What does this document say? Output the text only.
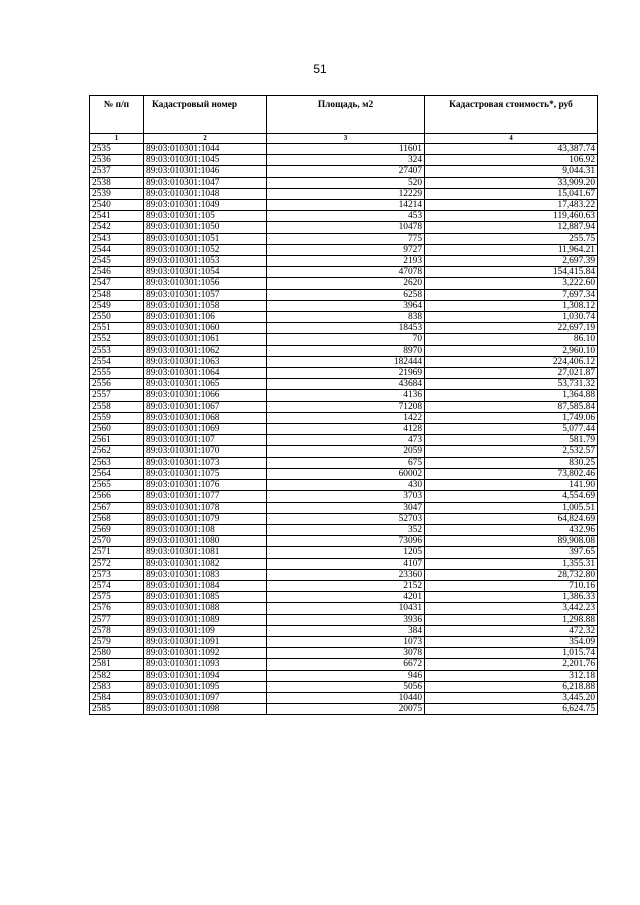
51
№ п/п	Кадастровый номер	Площадь, м2	Кадастровая стоимость*, руб
1	2	3	4
2535	89:03:010301:1044	11601	43,387.74
2536	89:03:010301:1045	324	106.92
2537	89:03:010301:1046	27407	9,044.31
2538	89:03:010301:1047	520	33,909.20
2539	89:03:010301:1048	12229	15,041.67
2540	89:03:010301:1049	14214	17,483.22
2541	89:03:010301:105	453	119,460.63
2542	89:03:010301:1050	10478	12,887.94
2543	89:03:010301:1051	775	255.75
2544	89:03:010301:1052	9727	11,964.21
2545	89:03:010301:1053	2193	2,697.39
2546	89:03:010301:1054	47078	154,415.84
2547	89:03:010301:1056	2620	3,222.60
2548	89:03:010301:1057	6258	7,697.34
2549	89:03:010301:1058	3964	1,308.12
2550	89:03:010301:106	838	1,030.74
2551	89:03:010301:1060	18453	22,697.19
2552	89:03:010301:1061	70	86.10
2553	89:03:010301:1062	8970	2,960.10
2554	89:03:010301:1063	182444	224,406.12
2555	89:03:010301:1064	21969	27,021.87
2556	89:03:010301:1065	43684	53,731.32
2557	89:03:010301:1066	4136	1,364.88
2558	89:03:010301:1067	71208	87,585.84
2559	89:03:010301:1068	1422	1,749.06
2560	89:03:010301:1069	4128	5,077.44
2561	89:03:010301:107	473	581.79
2562	89:03:010301:1070	2059	2,532.57
2563	89:03:010301:1073	675	830.25
2564	89:03:010301:1075	60002	73,802.46
2565	89:03:010301:1076	430	141.90
2566	89:03:010301:1077	3703	4,554.69
2567	89:03:010301:1078	3047	1,005.51
2568	89:03:010301:1079	52703	64,824.69
2569	89:03:010301:108	352	432.96
2570	89:03:010301:1080	73096	89,908.08
2571	89:03:010301:1081	1205	397.65
2572	89:03:010301:1082	4107	1,355.31
2573	89:03:010301:1083	23360	28,732.80
2574	89:03:010301:1084	2152	710.16
2575	89:03:010301:1085	4201	1,386.33
2576	89:03:010301:1088	10431	3,442.23
2577	89:03:010301:1089	3936	1,298.88
2578	89:03:010301:109	384	472.32
2579	89:03:010301:1091	1073	354.09
2580	89:03:010301:1092	3078	1,015.74
2581	89:03:010301:1093	6672	2,201.76
2582	89:03:010301:1094	946	312.18
2583	89:03:010301:1095	5056	6,218.88
2584	89:03:010301:1097	10440	3,445.20
2585	89:03:010301:1098	20075	6,624.75
